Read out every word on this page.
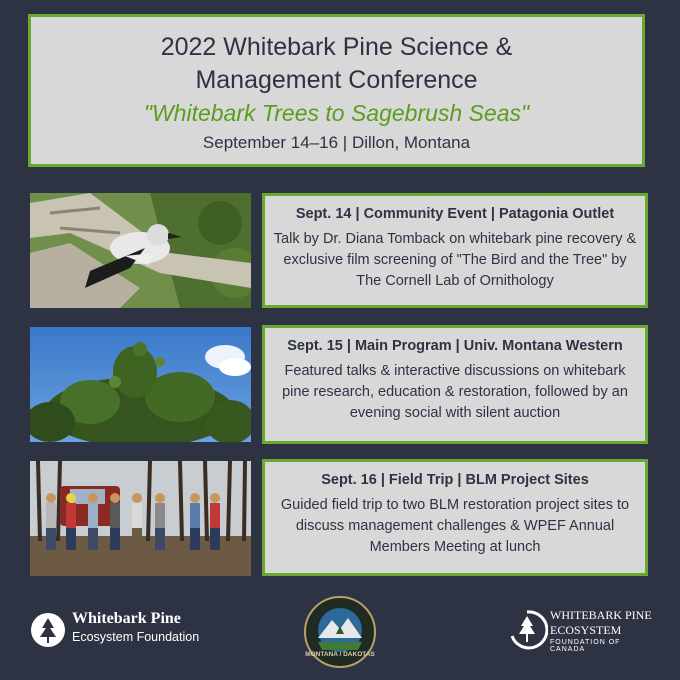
2022 Whitebark Pine Science &
Management Conference
"Whitebark Trees to Sagebrush Seas"
September 14–16 | Dillon, Montana
Sept. 14 | Community Event | Patagonia Outlet
Talk by Dr. Diana Tomback on whitebark pine recovery & exclusive film screening of "The Bird and the Tree" by The Cornell Lab of Ornithology
Sept. 15 | Main Program | Univ. Montana Western
Featured talks & interactive discussions on whitebark pine research, education & restoration, followed by an evening social with silent auction
Sept. 16 | Field Trip | BLM Project Sites
Guided field trip to two BLM restoration project sites to discuss management challenges & WPEF Annual Members Meeting at lunch
Whitebark Pine
Ecosystem Foundation
MONTANA / DAKOTAS
WHITEBARK PINE
ECOSYSTEM
FOUNDATION OF CANADA
